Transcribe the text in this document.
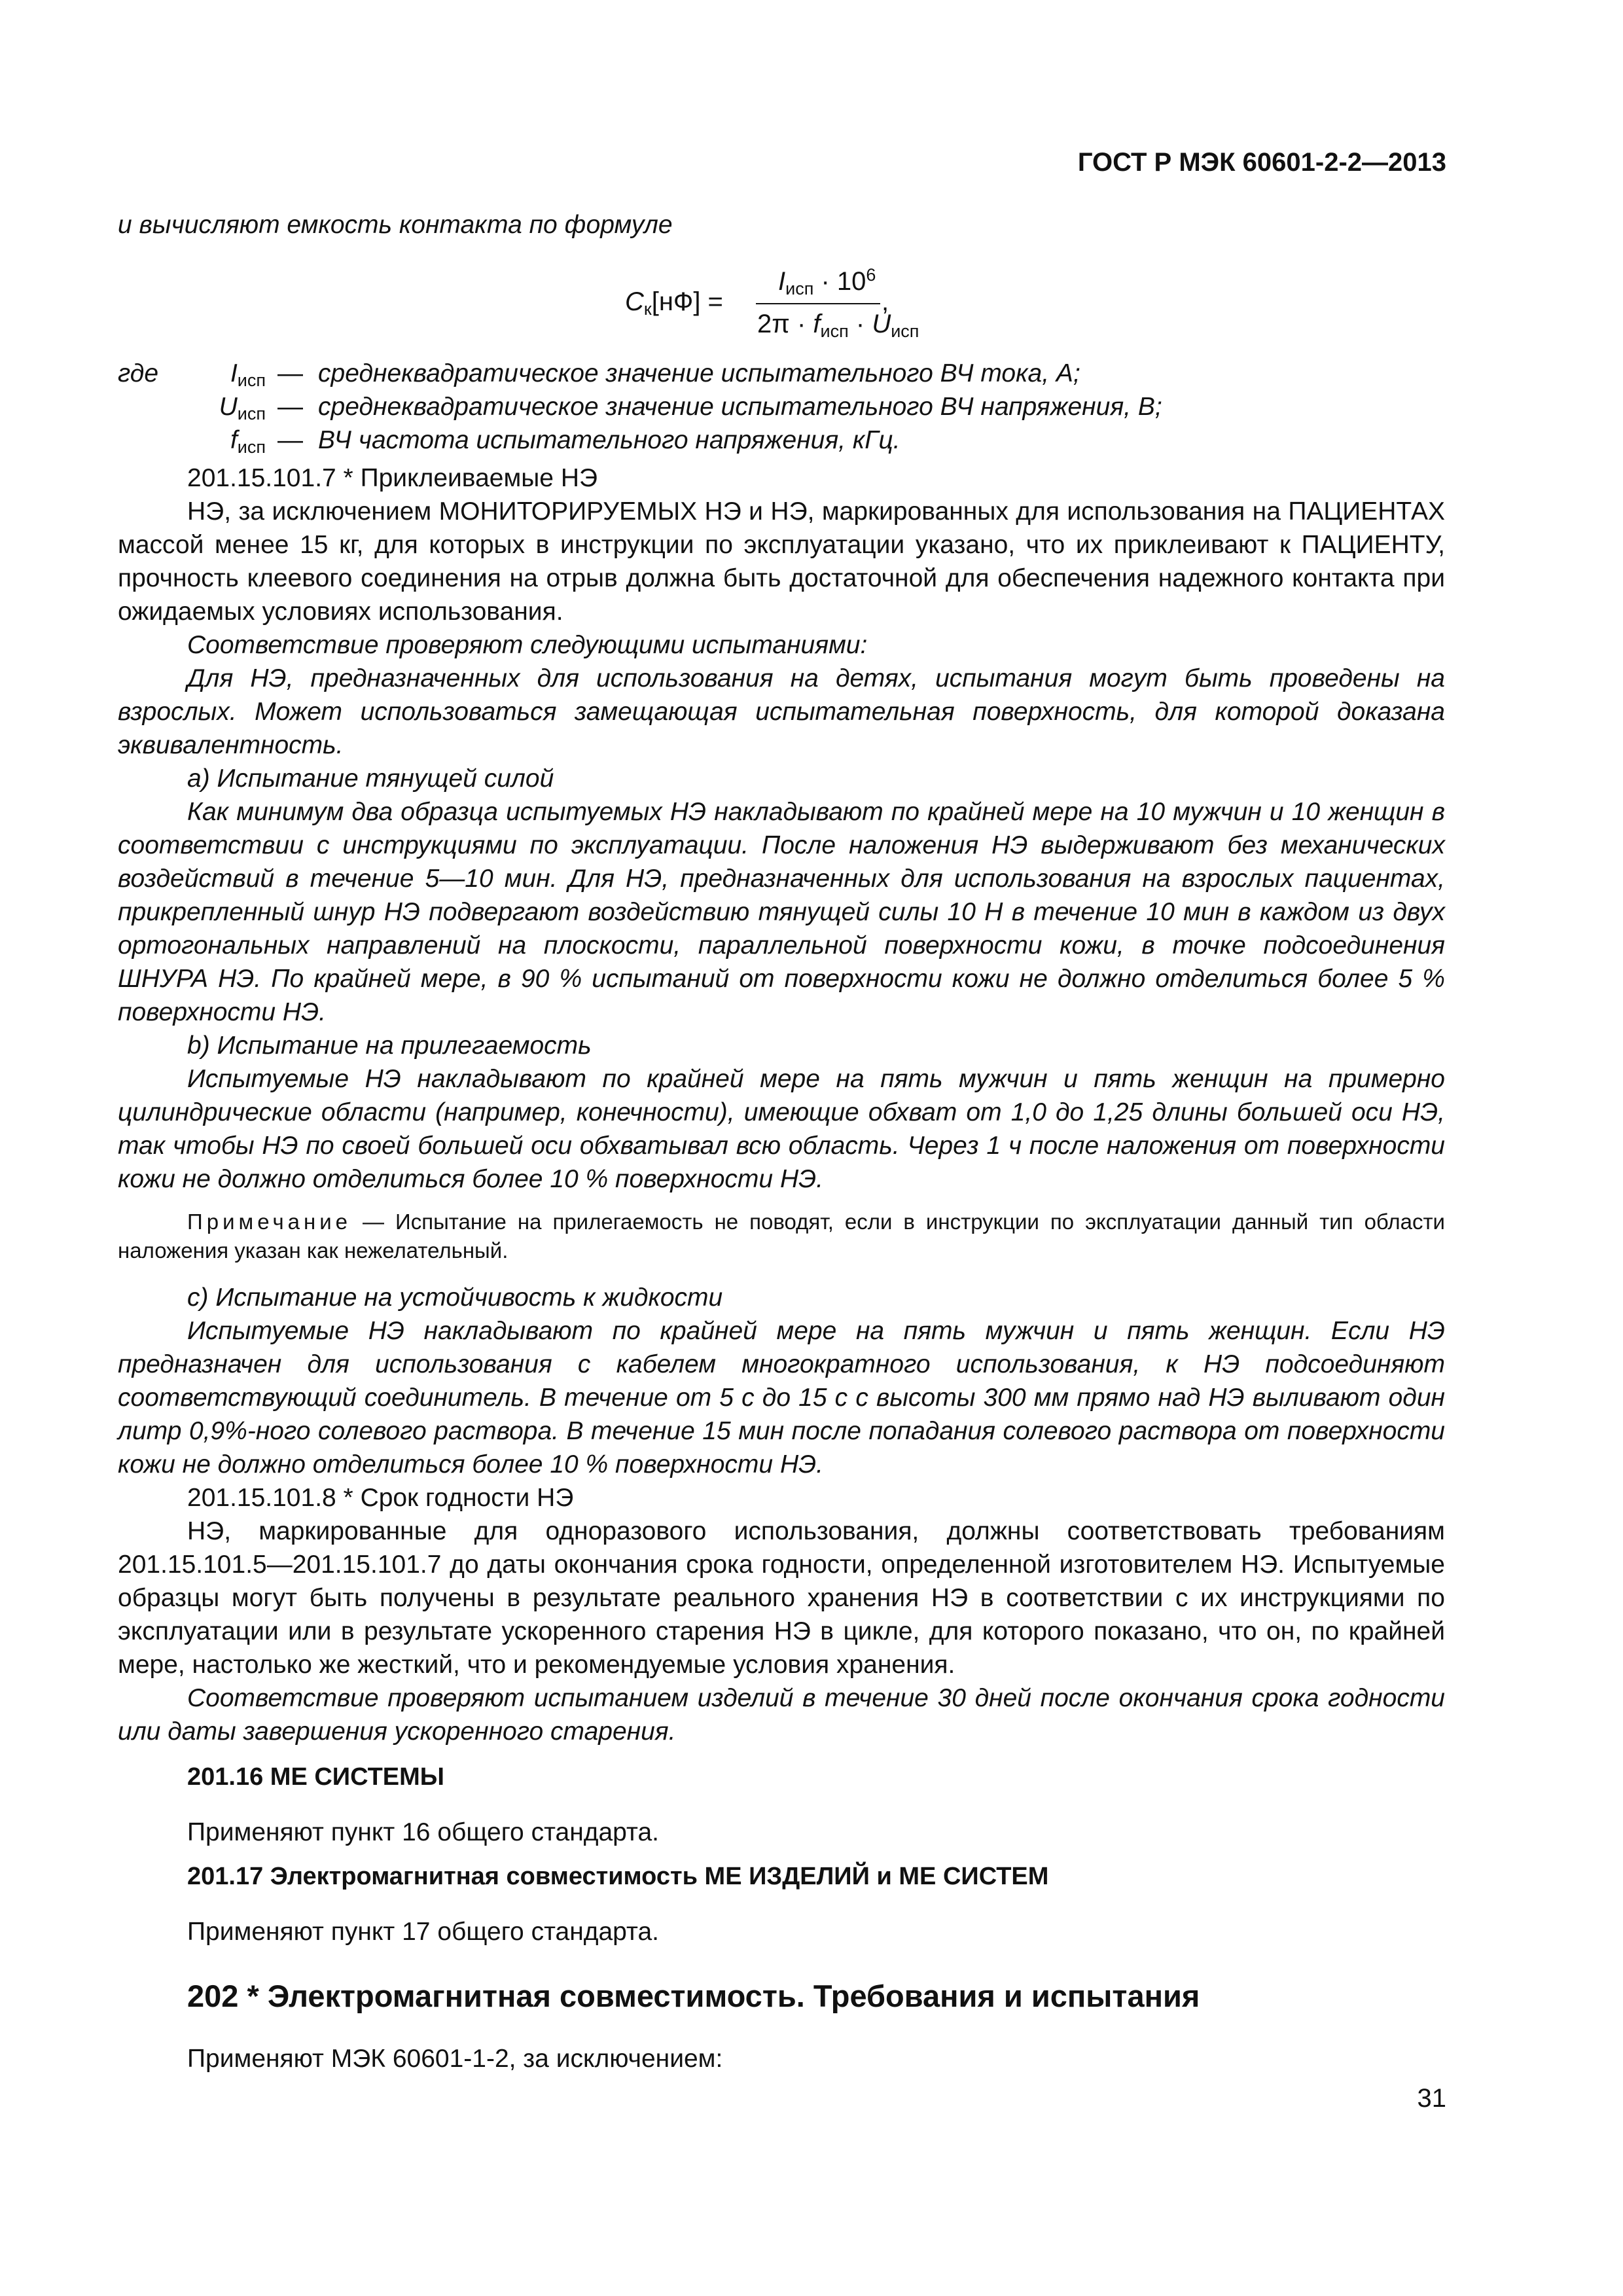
ГОСТ Р МЭК 60601-2-2—2013
и вычисляют емкость контакта по формуле
$C_к[нФ]$ =
$I_{исп} \cdot 10^6$
$2\pi \cdot f_{исп} \cdot U_{исп}$
,
где	$I_{исп}$ — среднеквадратическое значение испытательного ВЧ тока, А;
$U_{исп}$ — среднеквадратическое значение испытательного ВЧ напряжения, В;
$f_{исп}$ — ВЧ частота испытательного напряжения, кГц.
201.15.101.7 * Приклеиваемые НЭ
НЭ, за исключением МОНИТОРИРУЕМЫХ НЭ и НЭ, маркированных для использования на ПАЦИЕНТАХ массой менее 15 кг, для которых в инструкции по эксплуатации указано, что их приклеивают к ПАЦИЕНТУ, прочность клеевого соединения на отрыв должна быть достаточной для обеспечения надежного контакта при ожидаемых условиях использования.
Соответствие проверяют следующими испытаниями:
Для НЭ, предназначенных для использования на детях, испытания могут быть проведены на взрослых. Может использоваться замещающая испытательная поверхность, для которой доказана эквивалентность.
a) Испытание тянущей силой
Как минимум два образца испытуемых НЭ накладывают по крайней мере на 10 мужчин и 10 женщин в соответствии с инструкциями по эксплуатации. После наложения НЭ выдерживают без механических воздействий в течение 5—10 мин. Для НЭ, предназначенных для использования на взрослых пациентах, прикрепленный шнур НЭ подвергают воздействию тянущей силы 10 Н в течение 10 мин в каждом из двух ортогональных направлений на плоскости, параллельной поверхности кожи, в точке подсоединения ШНУРА НЭ. По крайней мере, в 90 % испытаний от поверхности кожи не должно отделиться более 5 % поверхности НЭ.
b) Испытание на прилегаемость
Испытуемые НЭ накладывают по крайней мере на пять мужчин и пять женщин на примерно цилиндрические области (например, конечности), имеющие обхват от 1,0 до 1,25 длины большей оси НЭ, так чтобы НЭ по своей большей оси обхватывал всю область. Через 1 ч после наложения от поверхности кожи не должно отделиться более 10 % поверхности НЭ.
Примечание — Испытание на прилегаемость не поводят, если в инструкции по эксплуатации данный тип области наложения указан как нежелательный.
c) Испытание на устойчивость к жидкости
Испытуемые НЭ накладывают по крайней мере на пять мужчин и пять женщин. Если НЭ предназначен для использования с кабелем многократного использования, к НЭ подсоединяют соответствующий соединитель. В течение от 5 с до 15 с с высоты 300 мм прямо над НЭ выливают один литр 0,9%-ного солевого раствора. В течение 15 мин после попадания солевого раствора от поверхности кожи не должно отделиться более 10 % поверхности НЭ.
201.15.101.8 * Срок годности НЭ
НЭ, маркированные для одноразового использования, должны соответствовать требованиям 201.15.101.5—201.15.101.7 до даты окончания срока годности, определенной изготовителем НЭ. Испытуемые образцы могут быть получены в результате реального хранения НЭ в соответствии с их инструкциями по эксплуатации или в результате ускоренного старения НЭ в цикле, для которого показано, что он, по крайней мере, настолько же жесткий, что и рекомендуемые условия хранения.
Соответствие проверяют испытанием изделий в течение 30 дней после окончания срока годности или даты завершения ускоренного старения.
201.16 МЕ СИСТЕМЫ
Применяют пункт 16 общего стандарта.
201.17 Электромагнитная совместимость МЕ ИЗДЕЛИЙ и МЕ СИСТЕМ
Применяют пункт 17 общего стандарта.
202 * Электромагнитная совместимость. Требования и испытания
Применяют МЭК 60601-1-2, за исключением:
31
